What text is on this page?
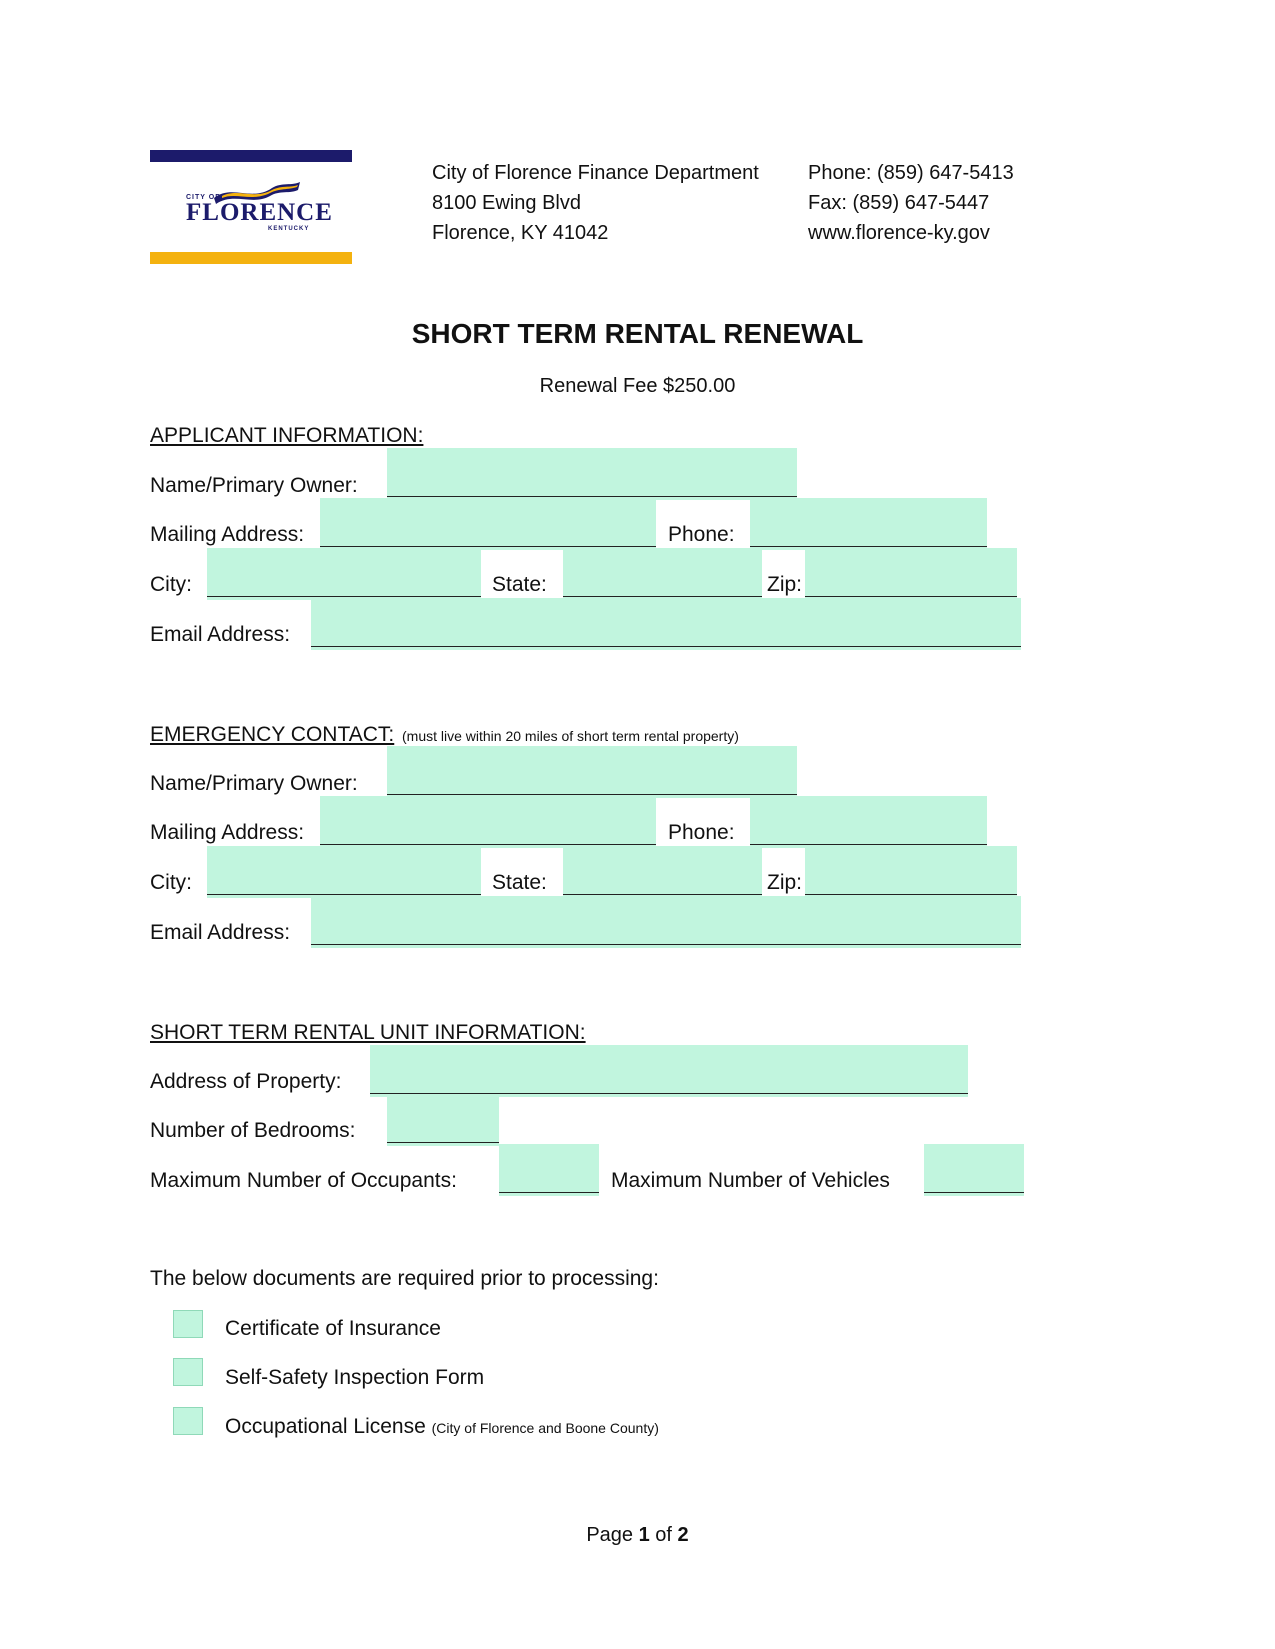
CITY OF
FLORENCE
KENTUCKY
City of Florence Finance Department
8100 Ewing Blvd
Florence, KY 41042
Phone: (859) 647-5413
Fax: (859) 647-5447
www.florence-ky.gov
SHORT TERM RENTAL RENEWAL
Renewal Fee $250.00
APPLICANT INFORMATION:
Name/Primary Owner:
Mailing Address:	Phone:
City:	State:	Zip:
Email Address:
EMERGENCY CONTACT: (must live within 20 miles of short term rental property)
Name/Primary Owner:
Mailing Address:	Phone:
City:	State:	Zip:
Email Address:
SHORT TERM RENTAL UNIT INFORMATION:
Address of Property:
Number of Bedrooms:
Maximum Number of Occupants:	Maximum Number of Vehicles
The below documents are required prior to processing:
Certificate of Insurance
Self-Safety Inspection Form
Occupational License (City of Florence and Boone County)
Page 1 of 2
